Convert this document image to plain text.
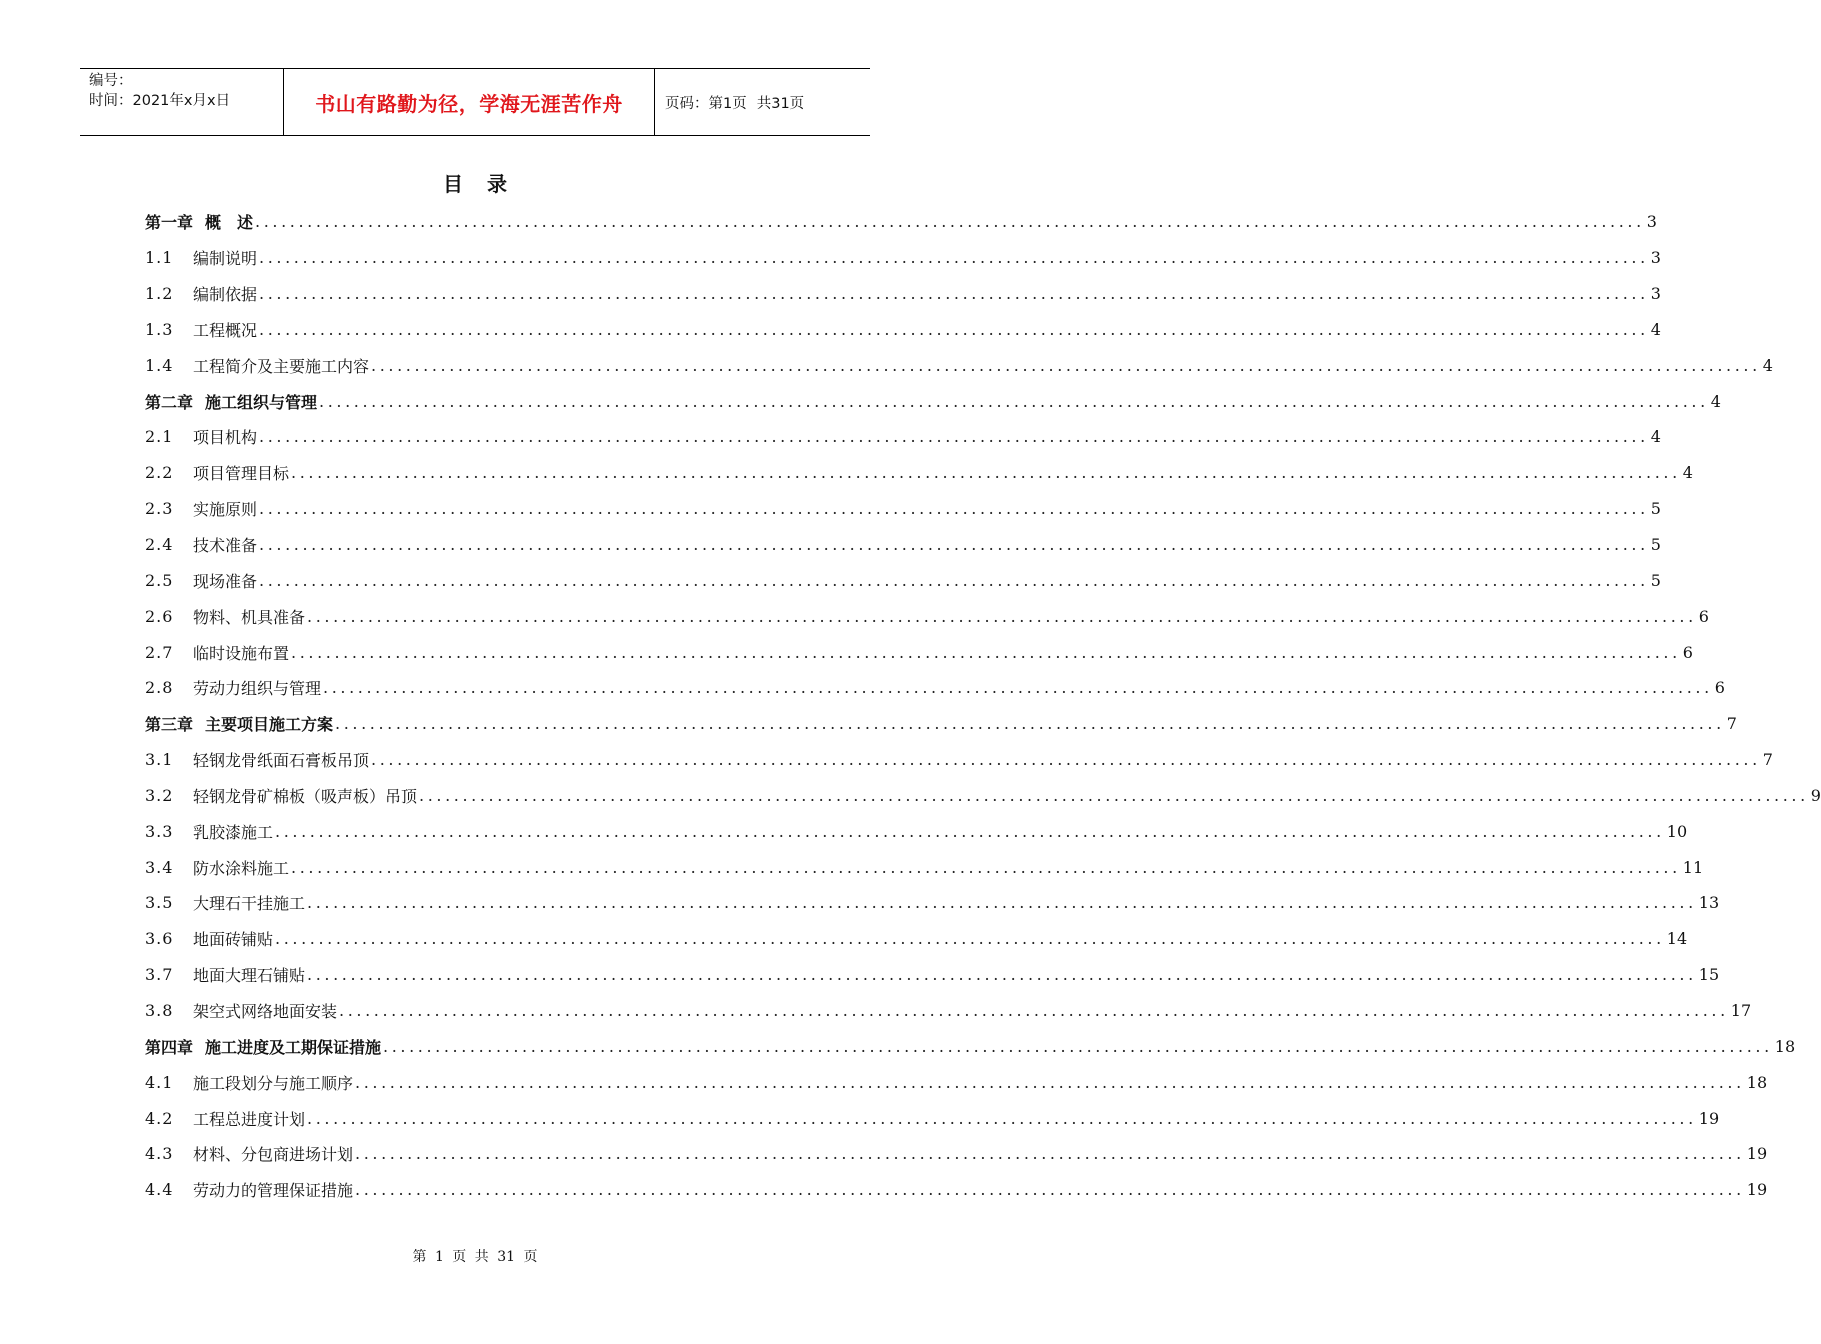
编号：
时间：2021年x月x日	书山有路勤为径，学海无涯苦作舟	页码：第1页 共31页
目录
第一章 概　述 ................................................................................................................................................................ 3
1.1	编制说明 ................................................................................................................................................................ 3
1.2	编制依据 ................................................................................................................................................................ 3
1.3	工程概况 ................................................................................................................................................................ 4
1.4	工程简介及主要施工内容 ................................................................................................................................................................ 4
第二章 施工组织与管理 ................................................................................................................................................................ 4
2.1	项目机构 ................................................................................................................................................................ 4
2.2	项目管理目标 ................................................................................................................................................................ 4
2.3	实施原则 ................................................................................................................................................................ 5
2.4	技术准备 ................................................................................................................................................................ 5
2.5	现场准备 ................................................................................................................................................................ 5
2.6	物料、机具准备 ................................................................................................................................................................ 6
2.7	临时设施布置 ................................................................................................................................................................ 6
2.8	劳动力组织与管理 ................................................................................................................................................................ 6
第三章 主要项目施工方案 ................................................................................................................................................................ 7
3.1	轻钢龙骨纸面石膏板吊顶 ................................................................................................................................................................ 7
3.2	轻钢龙骨矿棉板（吸声板）吊顶 ................................................................................................................................................................ 9
3.3	乳胶漆施工 ................................................................................................................................................................ 10
3.4	防水涂料施工 ................................................................................................................................................................ 11
3.5	大理石干挂施工 ................................................................................................................................................................ 13
3.6	地面砖铺贴 ................................................................................................................................................................ 14
3.7	地面大理石铺贴 ................................................................................................................................................................ 15
3.8	架空式网络地面安装 ................................................................................................................................................................ 17
第四章 施工进度及工期保证措施 ................................................................................................................................................................ 18
4.1	施工段划分与施工顺序 ................................................................................................................................................................ 18
4.2	工程总进度计划 ................................................................................................................................................................ 19
4.3	材料、分包商进场计划 ................................................................................................................................................................ 19
4.4	劳动力的管理保证措施 ................................................................................................................................................................ 19
第 1 页 共 31 页
